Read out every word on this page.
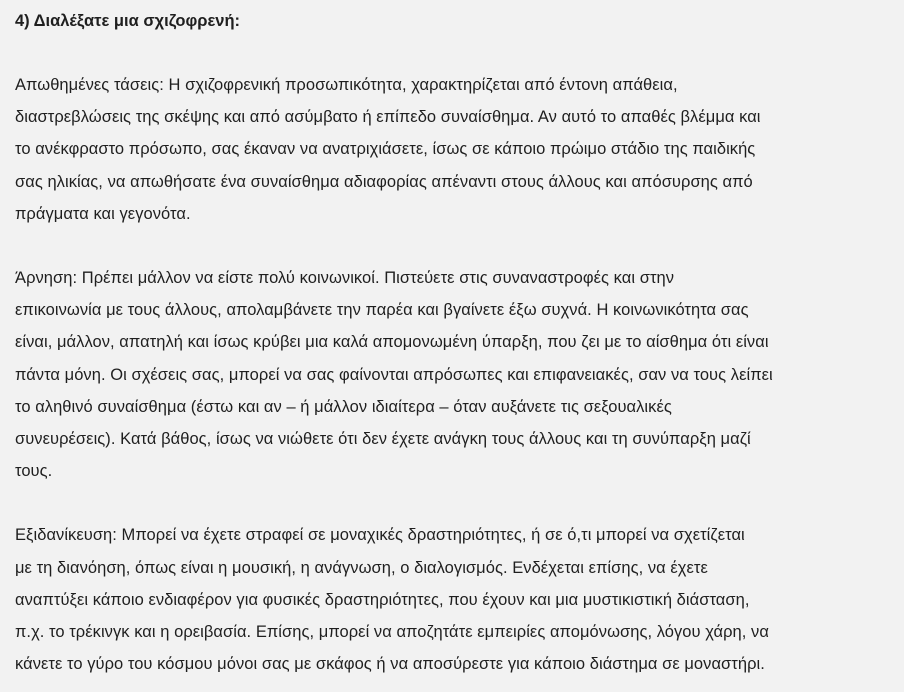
4) Διαλέξατε μια σχιζοφρενή:

Απωθημένες τάσεις: Η σχιζοφρενική προσωπικότητα, χαρακτηρίζεται από έντονη απάθεια,
διαστρεβλώσεις της σκέψης και από ασύμβατο ή επίπεδο συναίσθημα. Αν αυτό το απαθές βλέμμα και
το ανέκφραστο πρόσωπο, σας έκαναν να ανατριχιάσετε, ίσως σε κάποιο πρώιμο στάδιο της παιδικής
σας ηλικίας, να απωθήσατε ένα συναίσθημα αδιαφορίας απέναντι στους άλλους και απόσυρσης από
πράγματα και γεγονότα.

Άρνηση: Πρέπει μάλλον να είστε πολύ κοινωνικοί. Πιστεύετε στις συναναστροφές και στην
επικοινωνία με τους άλλους, απολαμβάνετε την παρέα και βγαίνετε έξω συχνά. Η κοινωνικότητα σας
είναι, μάλλον, απατηλή και ίσως κρύβει μια καλά απομονωμένη ύπαρξη, που ζει με το αίσθημα ότι είναι
πάντα μόνη. Οι σχέσεις σας, μπορεί να σας φαίνονται απρόσωπες και επιφανειακές, σαν να τους λείπει
το αληθινό συναίσθημα (έστω και αν – ή μάλλον ιδιαίτερα – όταν αυξάνετε τις σεξουαλικές
συνευρέσεις). Κατά βάθος, ίσως να νιώθετε ότι δεν έχετε ανάγκη τους άλλους και τη συνύπαρξη μαζί
τους.

Εξιδανίκευση: Μπορεί να έχετε στραφεί σε μοναχικές δραστηριότητες, ή σε ό,τι μπορεί να σχετίζεται
με τη διανόηση, όπως είναι η μουσική, η ανάγνωση, ο διαλογισμός. Ενδέχεται επίσης, να έχετε
αναπτύξει κάποιο ενδιαφέρον για φυσικές δραστηριότητες, που έχουν και μια μυστικιστική διάσταση,
π.χ. το τρέκινγκ και η ορειβασία. Επίσης, μπορεί να αποζητάτε εμπειρίες απομόνωσης, λόγου χάρη, να
κάνετε το γύρο του κόσμου μόνοι σας με σκάφος ή να αποσύρεστε για κάποιο διάστημα σε μοναστήρι.
